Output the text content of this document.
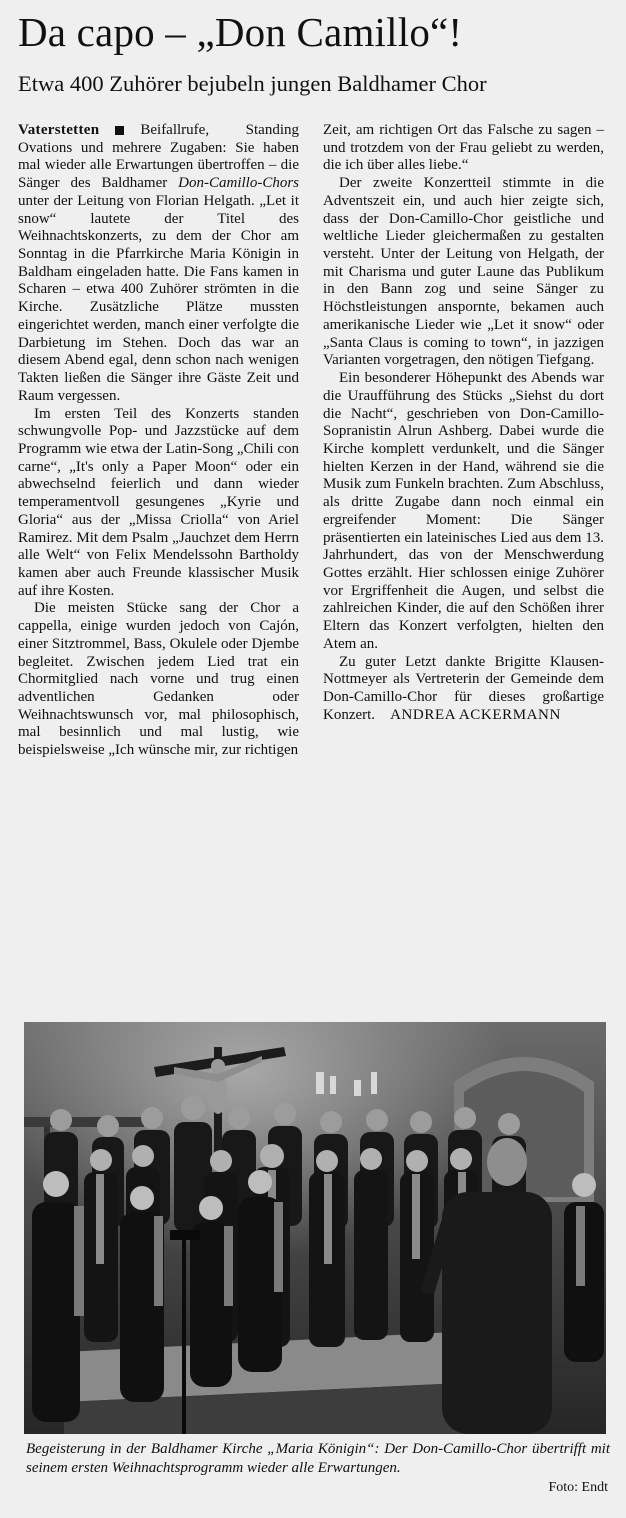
Da capo – „Don Camillo“!
Etwa 400 Zuhörer bejubeln jungen Baldhamer Chor

Vaterstetten	Beifallrufe, Standing Ovations und mehrere Zugaben: Sie haben mal wieder alle Erwartungen übertroffen – die Sänger des Baldhamer Don-Camillo-Chors unter der Leitung von Florian Helgath. „Let it snow“ lautete der Titel des Weihnachtskonzerts, zu dem der Chor am Sonntag in die Pfarrkirche Maria Königin in Baldham eingeladen hatte. Die Fans kamen in Scharen – etwa 400 Zuhörer strömten in die Kirche. Zusätzliche Plätze mussten eingerichtet werden, manch einer verfolgte die Darbietung im Stehen. Doch das war an diesem Abend egal, denn schon nach wenigen Takten ließen die Sänger ihre Gäste Zeit und Raum vergessen.

Im ersten Teil des Konzerts standen schwungvolle Pop- und Jazzstücke auf dem Programm wie etwa der Latin-Song „Chili con carne“, „It's only a Paper Moon“ oder ein abwechselnd feierlich und dann wieder temperamentvoll gesungenes „Kyrie und Gloria“ aus der „Missa Criolla“ von Ariel Ramirez. Mit dem Psalm „Jauchzet dem Herrn alle Welt“ von Felix Mendelssohn Bartholdy kamen aber auch Freunde klassischer Musik auf ihre Kosten.

Die meisten Stücke sang der Chor a cappella, einige wurden jedoch von Cajón, einer Sitztrommel, Bass, Okulele oder Djembe begleitet. Zwischen jedem Lied trat ein Chormitglied nach vorne und trug einen adventlichen Gedanken oder Weihnachtswunsch vor, mal philosophisch, mal besinnlich und mal lustig, wie beispielsweise „Ich wünsche mir, zur richtigen

Zeit, am richtigen Ort das Falsche zu sagen – und trotzdem von der Frau geliebt zu werden, die ich über alles liebe.“

Der zweite Konzertteil stimmte in die Adventszeit ein, und auch hier zeigte sich, dass der Don-Camillo-Chor geistliche und weltliche Lieder gleichermaßen zu gestalten versteht. Unter der Leitung von Helgath, der mit Charisma und guter Laune das Publikum in den Bann zog und seine Sänger zu Höchstleistungen anspornte, bekamen auch amerikanische Lieder wie „Let it snow“ oder „Santa Claus is coming to town“, in jazzigen Varianten vorgetragen, den nötigen Tiefgang.

Ein besonderer Höhepunkt des Abends war die Uraufführung des Stücks „Siehst du dort die Nacht“, geschrieben von Don-Camillo-Sopranistin Alrun Ashberg. Dabei wurde die Kirche komplett verdunkelt, und die Sänger hielten Kerzen in der Hand, während sie die Musik zum Funkeln brachten. Zum Abschluss, als dritte Zugabe dann noch einmal ein ergreifender Moment: Die Sänger präsentierten ein lateinisches Lied aus dem 13. Jahrhundert, das von der Menschwerdung Gottes erzählt. Hier schlossen einige Zuhörer vor Ergriffenheit die Augen, und selbst die zahlreichen Kinder, die auf den Schößen ihrer Eltern das Konzert verfolgten, hielten den Atem an.

Zu guter Letzt dankte Brigitte Klausen-Nottmeyer als Vertreterin der Gemeinde dem Don-Camillo-Chor für dieses großartige Konzert. ANDREA ACKERMANN

Begeisterung in der Baldhamer Kirche „Maria Königin“: Der Don-Camillo-Chor übertrifft mit seinem ersten Weihnachtsprogramm wieder alle Erwartungen.

Foto: Endt
